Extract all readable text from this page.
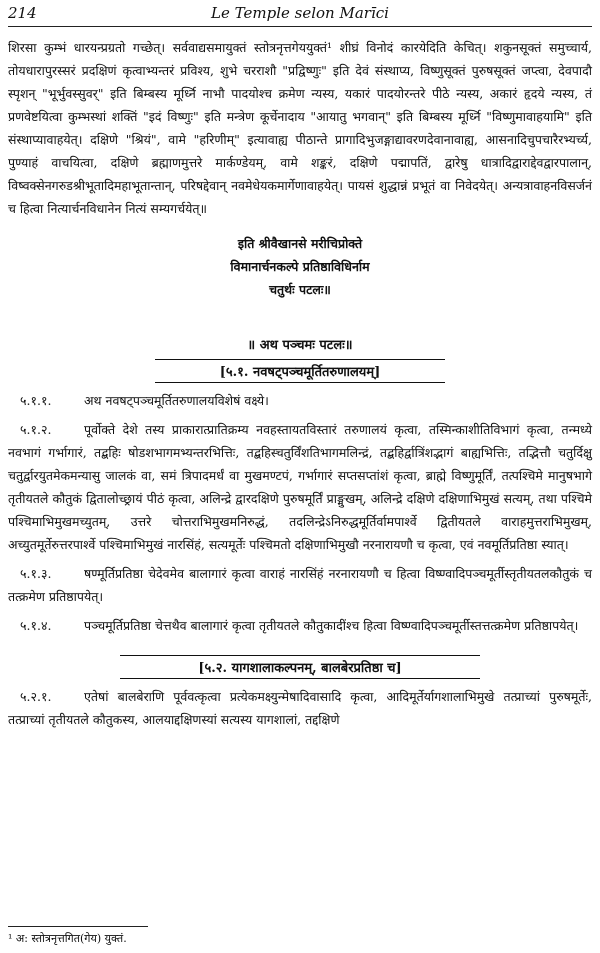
214	Le Temple selon Marīci

शिरसा कुम्भं धारयन्प्रग्रतो गच्छेत्। सर्ववाद्यसमायुक्तं स्तोत्रनृत्तगेययुक्तं¹ शीघ्रं विनोदं कारयेदिति केचित्। शकुनसूक्तं समुच्चार्य, तोयधारापुरस्सरं प्रदक्षिणं कृत्वाभ्यन्तरं प्रविश्य, शुभे चरराशौ "प्रद्विष्णुः" इति देवं संस्थाप्य, विष्णुसूक्तं पुरुषसूक्तं जप्त्वा, देवपादौ स्पृशन् "भूर्भुवस्सुवर्" इति बिम्बस्य मूर्ध्नि नाभौ पादयोश्च क्रमेण न्यस्य, यकारं पादयोरन्तरे पीठे न्यस्य, अकारं हृदये न्यस्य, तं प्रणवेष्टयित्वा कुम्भस्थां शक्तिं "इदं विष्णुः" इति मन्त्रेण कूर्चेनादाय "आयातु भगवान्" इति बिम्बस्य मूर्ध्नि "विष्णुमावाहयामि" इति संस्थाप्यावाहयेत्। दक्षिणे "श्रियं", वामे "हरिणीम्" इत्यावाह्य पीठान्ते प्रागादिभुजङ्गाद्यावरणदेवानावाह्य, आसनादिचुपचारैरभ्यर्च्य, पुण्याहं वाचयित्वा, दक्षिणे ब्रह्माणमुत्तरे मार्कण्डेयम्, वामे शङ्करं, दक्षिणे पद्मापतिं, द्वारेषु धात्रादिद्वाराद्देवद्वारपालान्, विष्वक्सेनगरुडश्रीभूतादिमहाभूतान्तान्, परिषद्देवान् नवमेधेयकमार्गेणावाहयेत्। पायसं शुद्धान्नं प्रभूतं वा निवेदयेत्। अन्यत्रावाहनविसर्जनं च हित्वा नित्यार्चनविधानेन नित्यं सम्यगर्चयेत्॥

इति श्रीवैखानसे मरीचिप्रोक्ते
विमानार्चनकल्पे प्रतिष्ठाविधिर्नाम
चतुर्थः पटलः॥
॥ अथ पञ्चमः पटलः॥
[५.१. नवषट्पञ्चमूर्तितरुणालयम्]

५.१.१.	अथ नवषट्पञ्चमूर्तितरुणालयविशेषं वक्ष्ये।

५.१.२.	पूर्वोक्ते देशे तस्य प्राकारात्प्रातिक्रम्य नवहस्तायतविस्तारं तरुणालयं कृत्वा, तस्मिन्काशीतिविभागं कृत्वा, तन्मध्ये नवभागं गर्भागारं, तद्बहिः षोडशभागमभ्यन्तरभित्तिः, तद्बहिस्चतुर्विंशतिभागमलिन्द्रं, तद्बहिर्द्वात्रिंशद्भागं बाह्यभित्तिः, तद्भित्तौ चतुर्दिक्षु चतुर्द्वारयुतमेकमन्यासु जालकं वा, समं त्रिपादमर्धं वा मुखमण्टपं, गर्भागारं सप्तसप्तांशं कृत्वा, ब्राह्मे विष्णुमूर्तिं, तत्पश्चिमे मानुषभागे तृतीयतले कौतुकं द्वितालोच्छ्रायं पीठं कृत्वा, अलिन्द्रे द्वारदक्षिणे पुरुषमूर्तिं प्राङ्मुखम्, अलिन्द्रे दक्षिणे दक्षिणाभिमुखं सत्यम्, तथा पश्चिमे पश्चिमाभिमुखमच्युतम्, उत्तरे चोत्तराभिमुखमनिरुद्धं, तदलिन्द्रेऽनिरुद्धमूर्तिर्वामपार्श्वे द्वितीयतले वाराहमुत्तराभिमुखम्, अच्युतमूर्तेरुत्तरपार्श्वे पश्चिमाभिमुखं नारसिंहं, सत्यमूर्तेः पश्चिमतो दक्षिणाभिमुखौ नरनारायणौ च कृत्वा, एवं नवमूर्तिप्रतिष्ठा स्यात्।

५.१.३.	षण्मूर्तिप्रतिष्ठा चेदेवमेव बालागारं कृत्वा वाराहं नारसिंहं नरनारायणौ च हित्वा विष्ण्वादिपञ्चमूर्तीस्तृतीयतलकौतुकं च तत्क्रमेण प्रतिष्ठापयेत्।

५.१.४.	पञ्चमूर्तिप्रतिष्ठा चेत्तथैव बालागारं कृत्वा तृतीयतले कौतुकादींश्च हित्वा विष्ण्वादिपञ्चमूर्तीस्तत्तत्क्रमेण प्रतिष्ठापयेत्।

[५.२. यागशालाकल्पनम्, बालबेरप्रतिष्ठा च]

५.२.१.	एतेषां बालबेराणि पूर्ववत्कृत्वा प्रत्येकमक्ष्युन्मेषादिवासादि कृत्वा, आदिमूर्तेर्यागशालाभिमुखे तत्प्राच्यां पुरुषमूर्तेः, तत्प्राच्यां तृतीयतले कौतुकस्य, आलयाद्दक्षिणस्यां सत्यस्य यागशालां, तद्दक्षिणे

¹ अ: स्तोत्रनृत्तगित(गेय) युक्तं.
